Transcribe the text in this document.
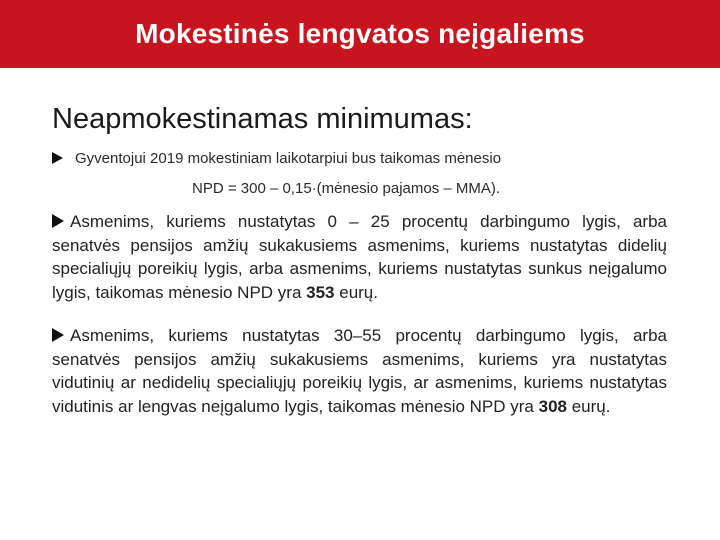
Mokestinės lengvatos neįgaliems
Neapmokestinamas minimumas:
Gyventojui 2019 mokestiniam laikotarpiui bus taikomas mėnesio
NPD = 300 – 0,15·(mėnesio pajamos – MMA).

Asmenims, kuriems nustatytas 0 – 25 procentų darbingumo lygis, arba senatvės pensijos amžių sukakusiems asmenims, kuriems nustatytas didelių specialiųjų poreikių lygis, arba asmenims, kuriems nustatytas sunkus neįgalumo lygis, taikomas mėnesio NPD yra 353 eurų.

Asmenims, kuriems nustatytas 30–55 procentų darbingumo lygis, arba senatvės pensijos amžių sukakusiems asmenims, kuriems yra nustatytas vidutinių ar nedidelių specialiųjų poreikių lygis, ar asmenims, kuriems nustatytas vidutinis ar lengvas neįgalumo lygis, taikomas mėnesio NPD yra 308 eurų.
